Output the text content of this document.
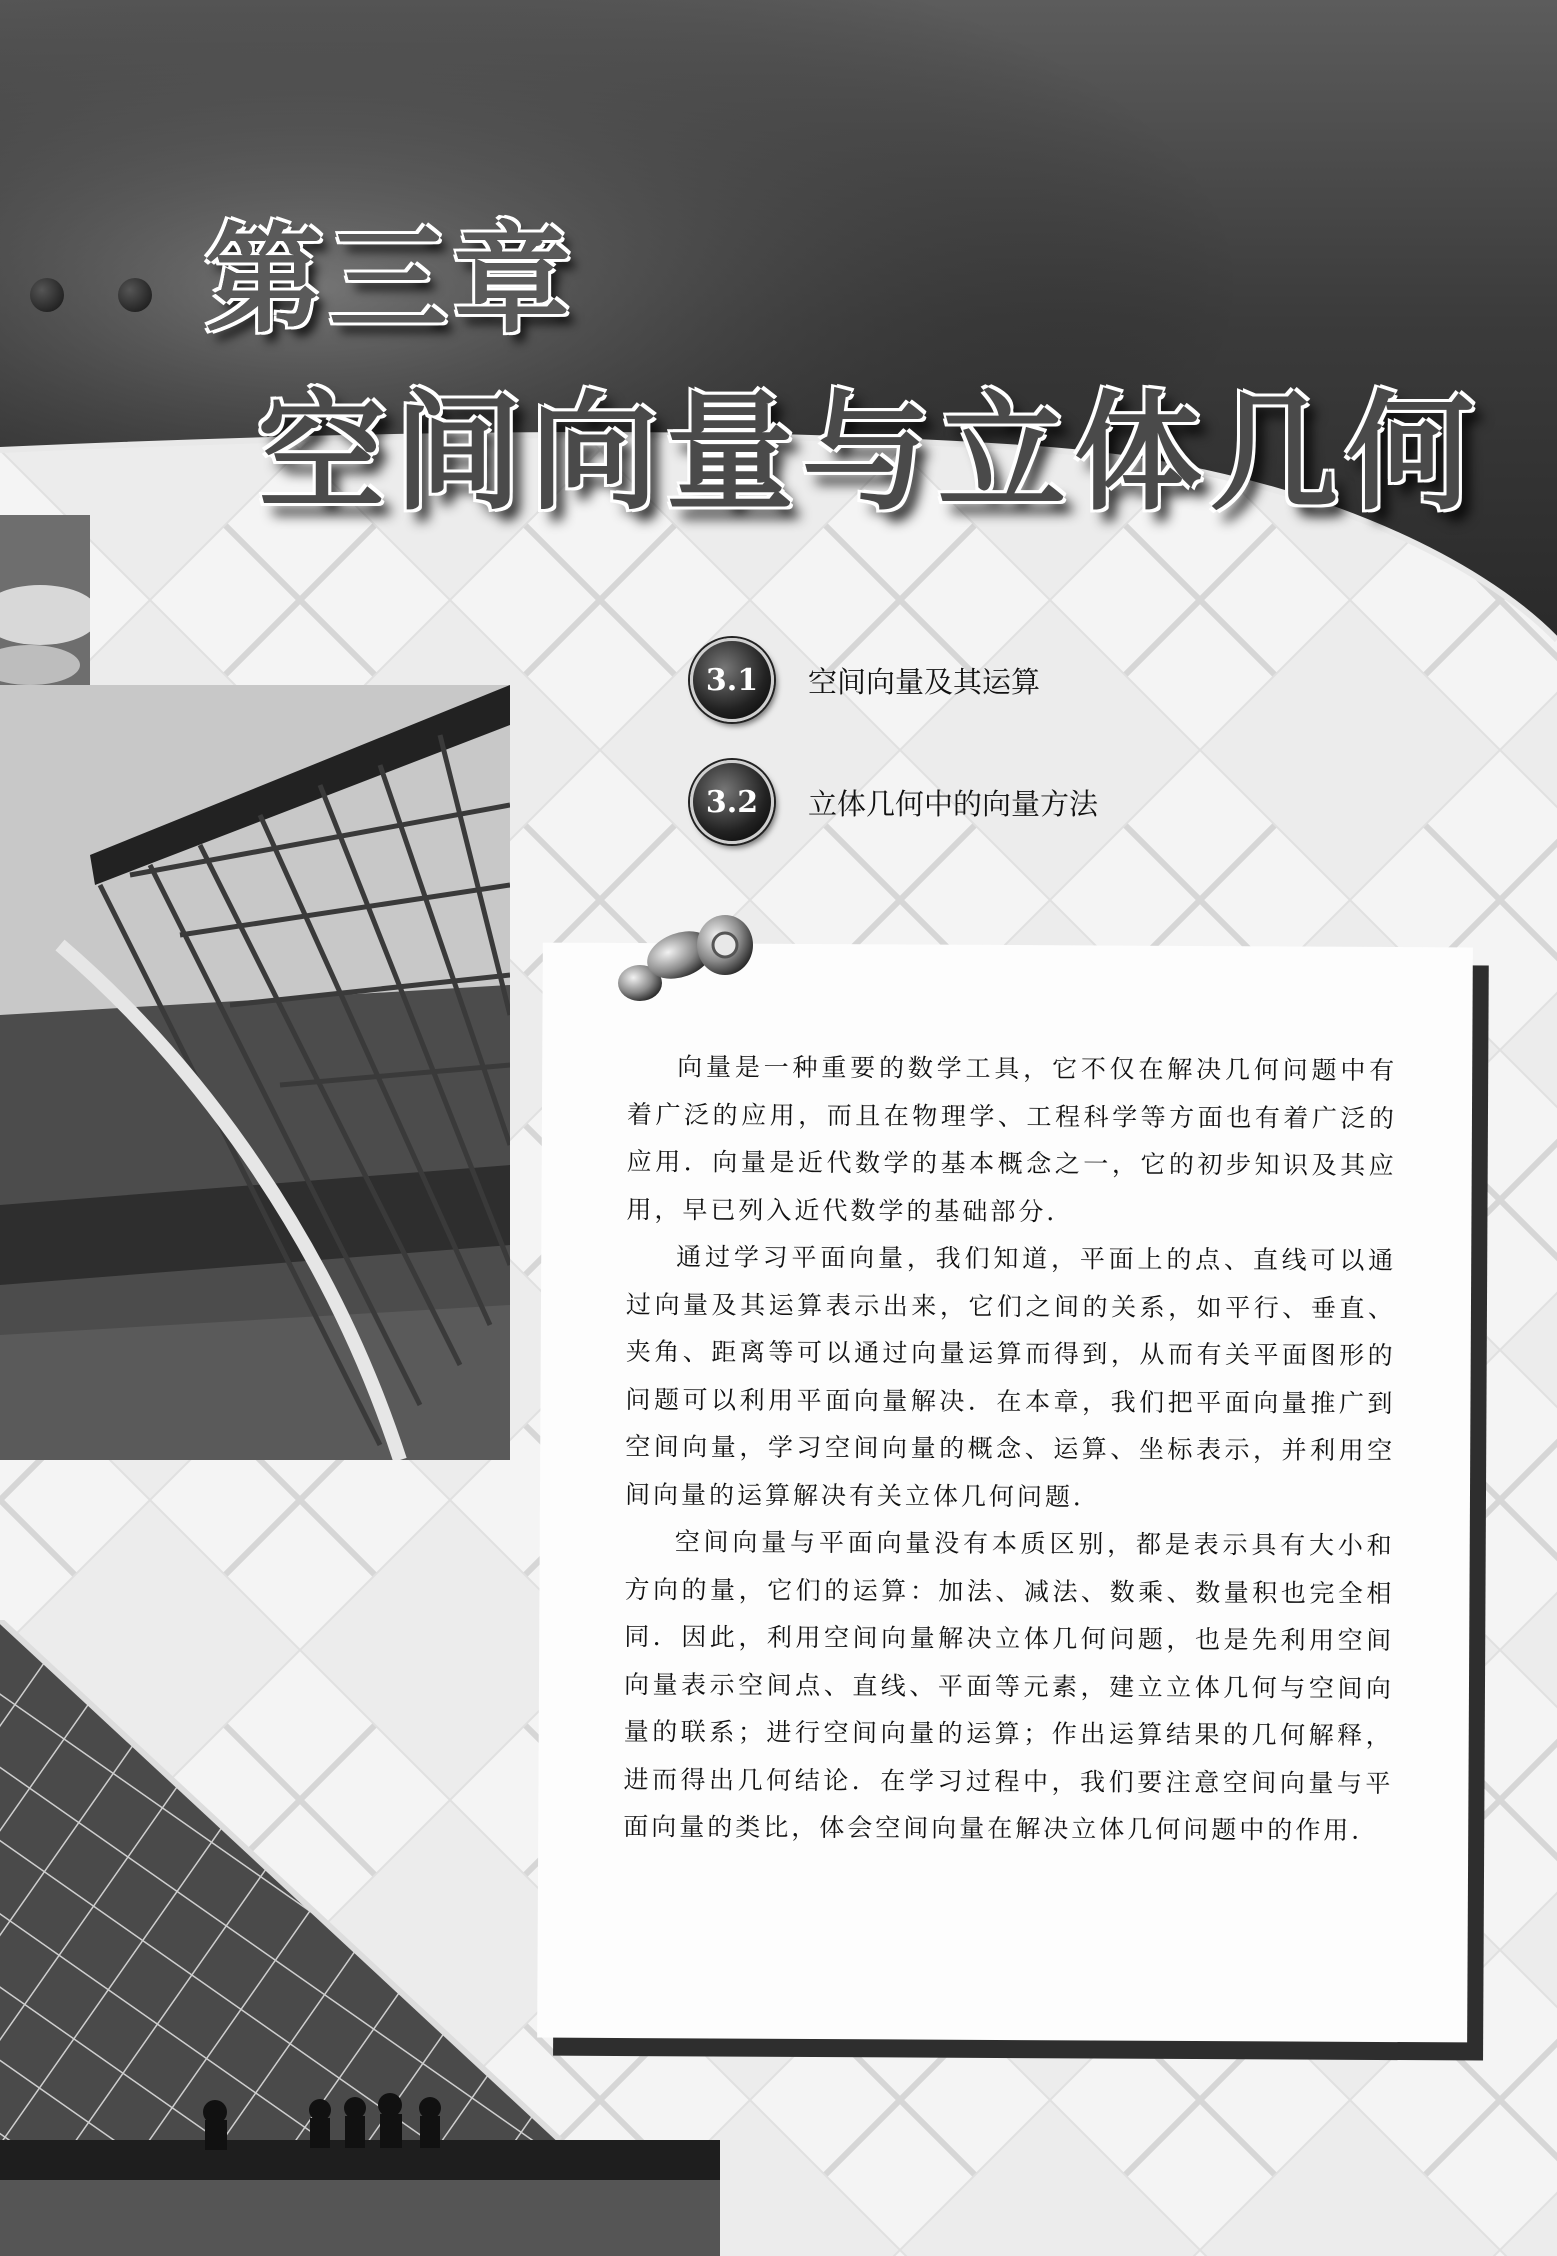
第三章
空间向量与立体几何
3.1	空间向量及其运算
3.2	立体几何中的向量方法

向量是一种重要的数学工具，它不仅在解决几何问题中有着广泛的应用，而且在物理学、工程科学等方面也有着广泛的应用．向量是近代数学的基本概念之一，它的初步知识及其应用，早已列入近代数学的基础部分．

通过学习平面向量，我们知道，平面上的点、直线可以通过向量及其运算表示出来，它们之间的关系，如平行、垂直、夹角、距离等可以通过向量运算而得到，从而有关平面图形的问题可以利用平面向量解决．在本章，我们把平面向量推广到空间向量，学习空间向量的概念、运算、坐标表示，并利用空间向量的运算解决有关立体几何问题．

空间向量与平面向量没有本质区别，都是表示具有大小和方向的量，它们的运算：加法、减法、数乘、数量积也完全相同．因此，利用空间向量解决立体几何问题，也是先利用空间向量表示空间点、直线、平面等元素，建立立体几何与空间向量的联系；进行空间向量的运算；作出运算结果的几何解释，进而得出几何结论．在学习过程中，我们要注意空间向量与平面向量的类比，体会空间向量在解决立体几何问题中的作用．
